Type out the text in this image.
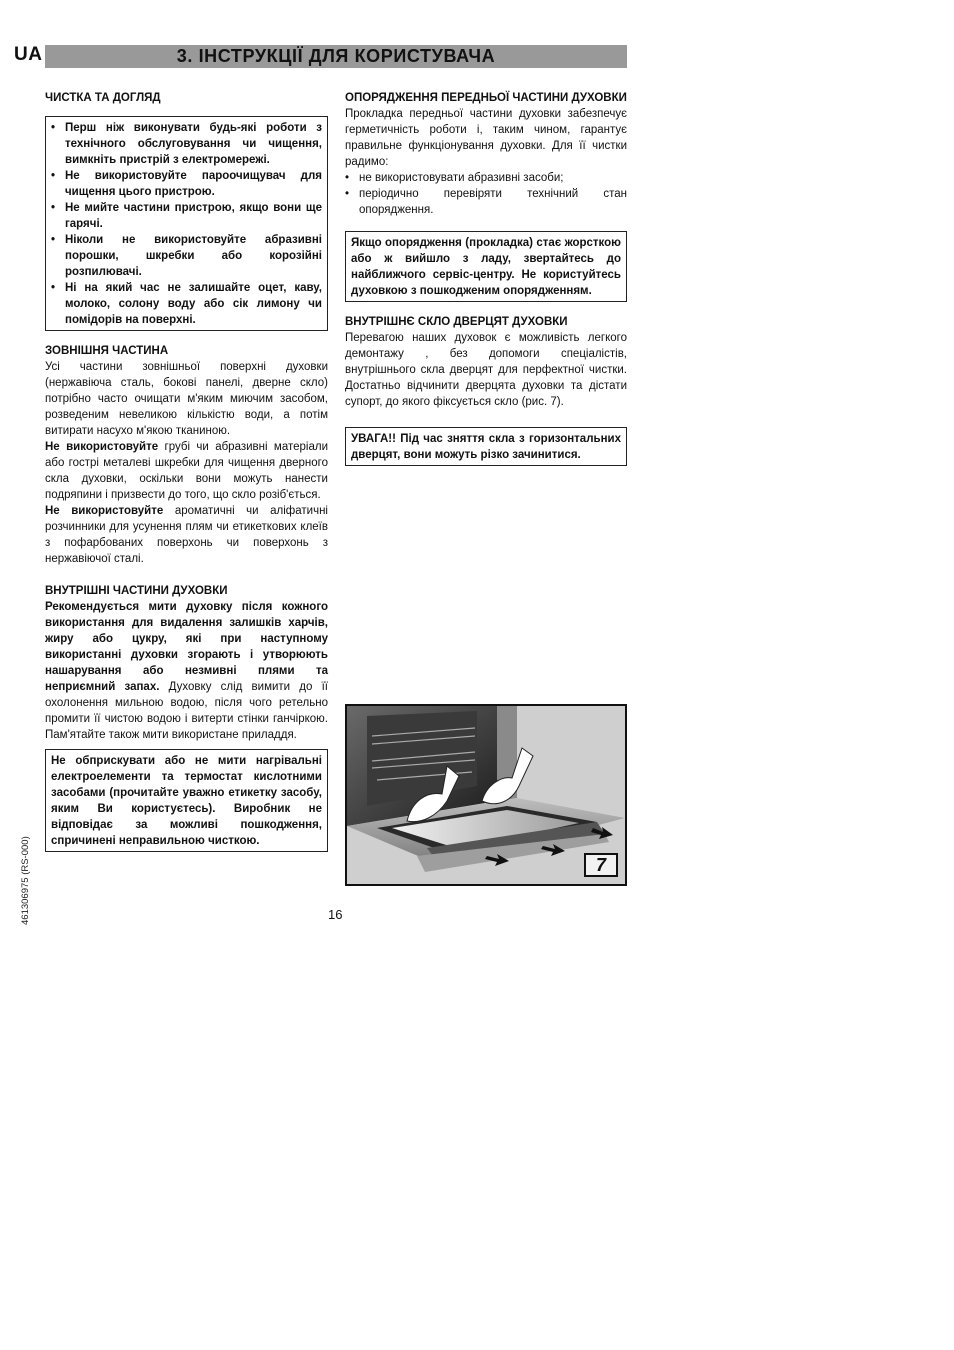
UA	3. ІНСТРУКЦІЇ ДЛЯ КОРИСТУВАЧА
ЧИСТКА ТА ДОГЛЯД
• Перш ніж виконувати будь-які роботи з технічного обслуговування чи чищення, вимкніть пристрій з електромережі.
• Не використовуйте пароочищувач для чищення цього пристрою.
• Не мийте частини пристрою, якщо вони ще гарячі.
• Ніколи не використовуйте абразивні порошки, шкребки або корозійні розпилювачі.
• Ні на який час не залишайте оцет, каву, молоко, солону воду або сік лимону чи помідорів на поверхні.
ЗОВНІШНЯ ЧАСТИНА

Усі частини зовнішньої поверхні духовки (нержавіюча сталь, бокові панелі, дверне скло) потрібно часто очищати м'яким миючим засобом, розведеним невеликою кількістю води, а потім витирати насухо м'якою тканиною.

Не використовуйте грубі чи абразивні матеріали або гострі металеві шкребки для чищення дверного скла духовки, оскільки вони можуть нанести подряпини і призвести до того, що скло розіб'ється.

Не використовуйте ароматичні чи аліфатичні розчинники для усунення плям чи етикеткових клеїв з пофарбованих поверхонь чи поверхонь з нержавіючої сталі.

ВНУТРІШНІ ЧАСТИНИ ДУХОВКИ

Рекомендується мити духовку після кожного використання для видалення залишків харчів, жиру або цукру, які при наступному використанні духовки згорають і утворюють нашарування або незмивні плями та неприємний запах. Духовку слід вимити до її охолонення мильною водою, після чого ретельно промити її чистою водою і витерти стінки ганчіркою. Пам'ятайте також мити використане приладдя.

Не обприскувати або не мити нагрівальні електроелементи та термостат кислотними засобами (прочитайте уважно етикетку засобу, яким Ви користуєтесь). Виробник не відповідає за можливі пошкодження, спричинені неправильною чисткою.

ОПОРЯДЖЕННЯ ПЕРЕДНЬОЇ ЧАСТИНИ ДУХОВКИ

Прокладка передньої частини духовки забезпечує герметичність роботи і, таким чином, гарантує правильне функціонування духовки. Для її чистки радимо:

• не використовувати абразивні засоби;
• періодично перевіряти технічний стан опорядження.

Якщо опорядження (прокладка) стає жорсткою або ж вийшло з ладу, звертайтесь до найближчого сервіс-центру. Не користуйтесь духовкою з пошкодженим опорядженням.

ВНУТРІШНЄ СКЛО ДВЕРЦЯТ ДУХОВКИ

Перевагою наших духовок є можливість легкого демонтажу , без допомоги спеціалістів, внутрішнього скла дверцят для перфектної чистки. Достатньо відчинити дверцята духовки та дістати супорт, до якого фіксується скло (рис. 7).

УВАГА!! Під час зняття скла з горизонтальних дверцят, вони можуть різко зачинитися.

7
16
461306975 (RS-000)
